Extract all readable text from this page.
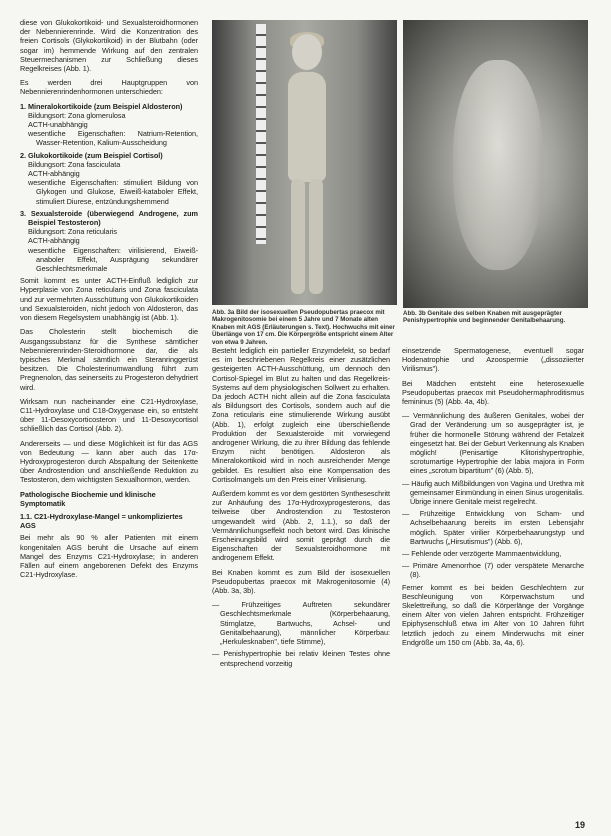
diese von Glukokortikoid- und Sexualsteroidhormonen der Nebennierenrinde. Wird die Konzentration des freien Cortisols (Glykokortikoid) in der Blutbahn (oder sogar im) hemmende Wirkung auf den zentralen Steuermechanismen zur Schließung dieses Regelkreises (Abb. 1).

Es werden drei Hauptgruppen von Nebennierenrindenhormonen unterschieden:

1. Mineralokortikoide (zum Beispiel Aldosteron)
Bildungsort: Zona glomerulosa
ACTH-unabhängig
wesentliche Eigenschaften: Natrium-Retention, Wasser-Retention, Kalium-Ausscheidung
2. Glukokortikoide (zum Beispiel Cortisol)
Bildungsort: Zona fasciculata
ACTH-abhängig
wesentliche Eigenschaften: stimuliert Bildung von Glykogen und Glukose, Eiweiß-kataboler Effekt, stimuliert Diurese, entzündungshemmend
3. Sexualsteroide (überwiegend Androgene, zum Beispiel Testosteron)
Bildungsort: Zona reticularis
ACTH-abhängig
wesentliche Eigenschaften: virilisierend, Eiweiß-anaboler Effekt, Ausprägung sekundärer Geschlechtsmerkmale

Somit kommt es unter ACTH-Einfluß lediglich zur Hyperplasie von Zona reticularis und Zona fasciculata und zur vermehrten Ausschüttung von Glukokortikoiden und Sexualsteroiden, nicht jedoch von Aldosteron, das von diesem Regelsystem unabhängig ist (Abb. 1).

Das Cholesterin stellt biochemisch die Ausgangssubstanz für die Synthese sämtlicher Nebennierenrinden-Steroidhormone dar, die als typisches Merkmal sämtlich ein Steranringgerüst besitzen. Die Cholesterinumwandlung führt zum Pregnenolon, das seinerseits zu Progesteron dehydriert wird.

Wirksam nun nacheinander eine C21-Hydroxylase, C11-Hydroxylase und C18-Oxygenase ein, so entsteht über 11-Desoxycorticosteron und 11-Desoxycortisol schließlich das Cortisol (Abb. 2).

Andererseits — und diese Möglichkeit ist für das AGS von Bedeutung — kann aber auch das 17α-Hydroxyprogesteron durch Abspaltung der Seitenkette über Androstendion und anschließende Reduktion zu Testosteron, dem wichtigsten Sexualhormon, werden.

Pathologische Biochemie und klinische Symptomatik
1.1. C21-Hydroxylase-Mangel = unkompliziertes AGS

Bei mehr als 90 % aller Patienten mit einem kongenitalen AGS beruht die Ursache auf einem Mangel des Enzyms C21-Hydroxylase; in anderen Fällen auf einem angeborenen Defekt des Enzyms C21-Hydroxylase.

Abb. 3a Bild der isosexuellen Pseudopubertas praecox mit Makrogenitosomie bei einem 5 Jahre und 7 Monate alten Knaben mit AGS (Erläuterungen s. Text). Hochwuchs mit einer Überlänge von 17 cm. Die Körpergröße entspricht einem Alter von etwa 9 Jahren.
Abb. 3b Genitale des selben Knaben mit ausgeprägter Penishypertrophie und beginnender Genitalbehaarung.

Besteht lediglich ein partieller Enzymdefekt, so bedarf es im beschriebenen Regelkreis einer zusätzlichen gesteigerten ACTH-Ausschüttung, um dennoch den Cortisol-Spiegel im Blut zu halten und das Regelkreis-Systems auf dem physiologischen Sollwert zu erhalten. Da jedoch ACTH nicht allein auf die Zona fasciculata als Bildungsort des Cortisols, sondern auch auf die Zona reticularis eine stimulierende Wirkung ausübt (Abb. 1), erfolgt zugleich eine überschießende Produktion der Sexualsteroide mit vorwiegend androgener Wirkung, die zu ihrer Bildung das fehlende Enzym nicht benötigen. Aldosteron als Mineralokortikoid wird in noch ausreichender Menge gebildet. Es resultiert also eine Kompensation des Cortisolmangels um den Preis einer Virilisierung.

Außerdem kommt es vor dem gestörten Syntheseschritt zur Anhäufung des 17α-Hydroxyprogesterons, das teilweise über Androstendion zu Testosteron umgewandelt wird (Abb. 2, 1.1.), so daß der Vermännlichungseffekt noch betont wird. Das klinische Erscheinungsbild wird somit geprägt durch die Eigenschaften der Sexualsteroidhormone mit androgenem Effekt.

Bei Knaben kommt es zum Bild der isosexuellen Pseudopubertas praecox mit Makrogenitosomie (4) (Abb. 3a, 3b).

— Frühzeitiges Auftreten sekundärer Geschlechtsmerkmale (Körperbehaarung, Stirnglatze, Bartwuchs, Achsel- und Genitalbehaarung), männlicher Körperbau: „Herkulesknaben", tiefe Stimme),
— Penishypertrophie bei relativ kleinen Testes ohne entsprechend vorzeitig

einsetzende Spermatogenese, eventuell sogar Hodenatrophie und Azoospermie („dissoziierter Virilismus").

Bei Mädchen entsteht eine heterosexuelle Pseudopubertas praecox mit Pseudohermaphroditismus femininus (5) (Abb. 4a, 4b).

— Vermännlichung des äußeren Genitales, wobei der Grad der Veränderung um so ausgeprägter ist, je früher die hormonelle Störung während der Fetalzeit eingesetzt hat. Bei der Geburt Verkennung als Knaben möglich! (Penisartige Klitorishypertrophie, scrotumartige Hypertrophie der labia majora in Form eines „scrotum bipartitum" (6) (Abb. 5),
— Häufig auch Mißbildungen von Vagina und Urethra mit gemeinsamer Einmündung in einen Sinus urogenitalis. Übrige innere Genitale meist regelrecht.
— Frühzeitige Entwicklung von Scham- und Achselbehaarung bereits im ersten Lebensjahr möglich. Später virilier Körperbehaarungstyp und Bartwuchs („Hirsutismus") (Abb. 6),
— Fehlende oder verzögerte Mammaentwicklung,
— Primäre Amenorrhoe (7) oder verspätete Menarche (8).

Ferner kommt es bei beiden Geschlechtern zur Beschleunigung von Körperwachstum und Skelettreifung, so daß die Körperlänge der Vorgänge einem Alter von vielen Jahren entspricht. Frühzeitiger Epiphysenschluß etwa im Alter von 10 Jahren führt letztlich jedoch zu einem Minderwuchs mit einer Endgröße um 150 cm (Abb. 3a, 4a, 6).

19
